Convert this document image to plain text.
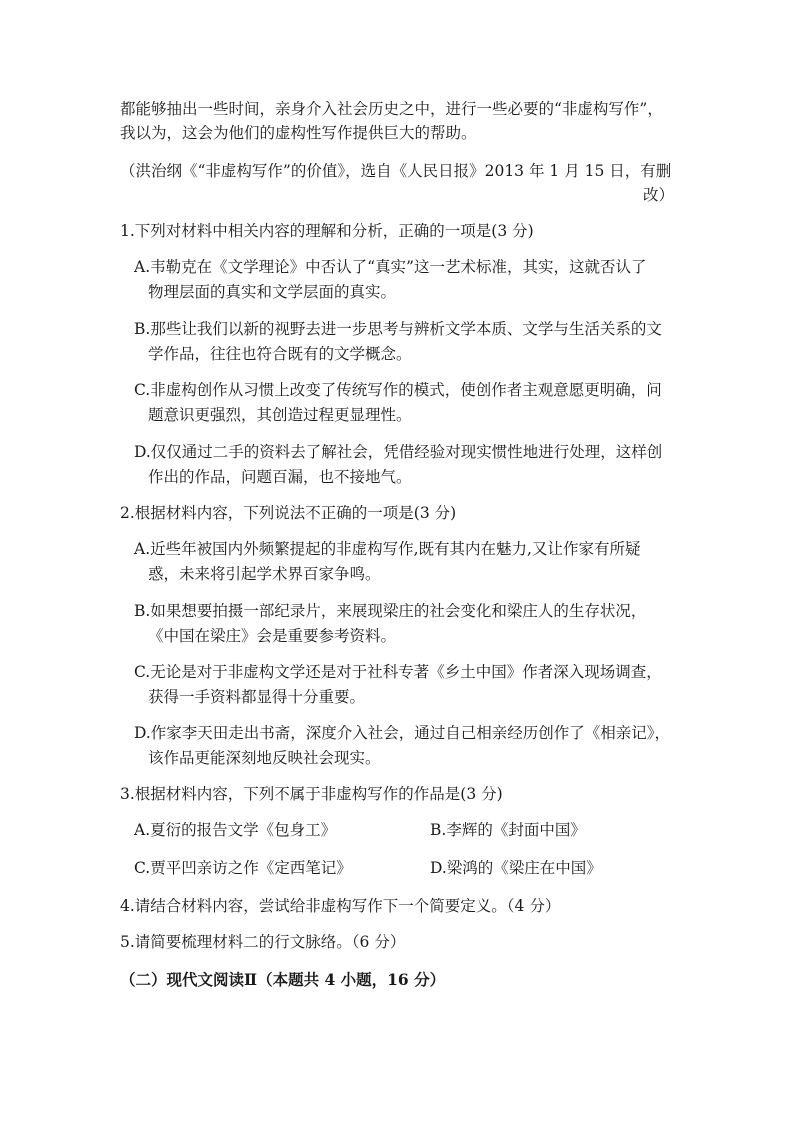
都能够抽出一些时间，亲身介入社会历史之中，进行一些必要的“非虚构写作”，
我以为，这会为他们的虚构性写作提供巨大的帮助。
（洪治纲《“非虚构写作”的价值》，选自《人民日报》2013 年 1 月 15 日，有删
改）
1.下列对材料中相关内容的理解和分析，正确的一项是(3 分)
A.韦勒克在《文学理论》中否认了“真实”这一艺术标准，其实，这就否认了
物理层面的真实和文学层面的真实。
B.那些让我们以新的视野去进一步思考与辨析文学本质、文学与生活关系的文
学作品，往往也符合既有的文学概念。
C.非虚构创作从习惯上改变了传统写作的模式，使创作者主观意愿更明确，问
题意识更强烈，其创造过程更显理性。
D.仅仅通过二手的资料去了解社会，凭借经验对现实惯性地进行处理，这样创
作出的作品，问题百漏，也不接地气。
2.根据材料内容，下列说法不正确的一项是(3 分)
A.近些年被国内外频繁提起的非虚构写作,既有其内在魅力,又让作家有所疑
惑，未来将引起学术界百家争鸣。
B.如果想要拍摄一部纪录片，来展现梁庄的社会变化和梁庄人的生存状况，
《中国在梁庄》会是重要参考资料。
C.无论是对于非虚构文学还是对于社科专著《乡土中国》作者深入现场调查，
获得一手资料都显得十分重要。
D.作家李天田走出书斋，深度介入社会，通过自己相亲经历创作了《相亲记》，
该作品更能深刻地反映社会现实。
3.根据材料内容，下列不属于非虚构写作的作品是(3 分)
A.夏衍的报告文学《包身工》	B.李辉的《封面中国》
C.贾平凹亲访之作《定西笔记》	D.梁鸿的《梁庄在中国》
4.请结合材料内容，尝试给非虚构写作下一个简要定义。（4 分）
5.请简要梳理材料二的行文脉络。（6 分）
（二）现代文阅读Ⅱ（本题共 4 小题，16 分）
